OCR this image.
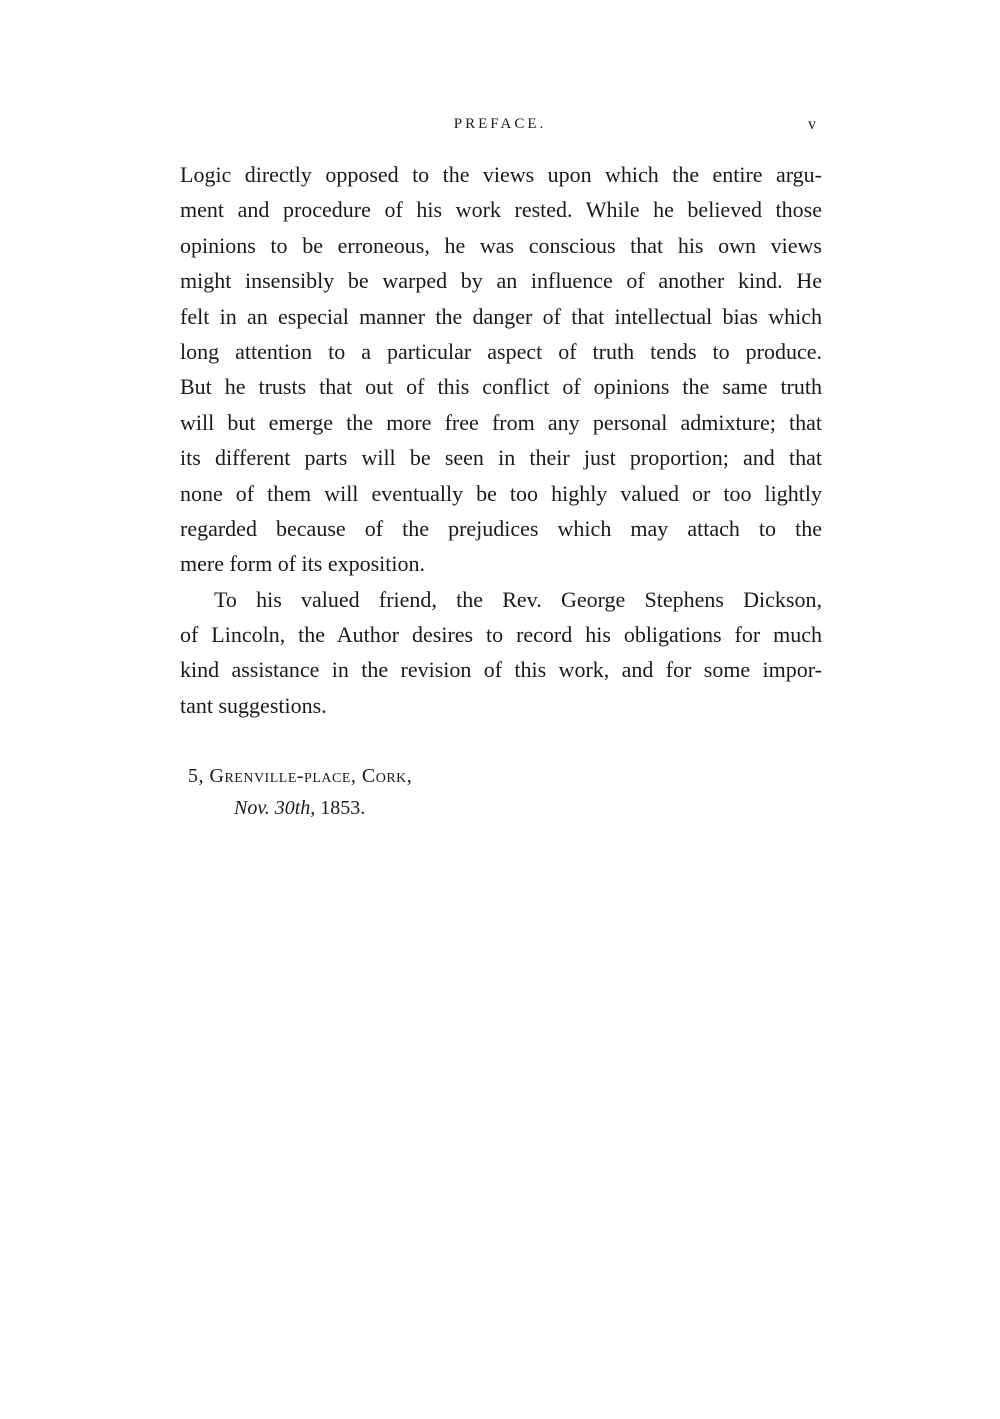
PREFACE.	v
Logic directly opposed to the views upon which the entire argu-
ment and procedure of his work rested. While he believed those
opinions to be erroneous, he was conscious that his own views
might insensibly be warped by an influence of another kind. He
felt in an especial manner the danger of that intellectual bias which
long attention to a particular aspect of truth tends to produce.
But he trusts that out of this conflict of opinions the same truth
will but emerge the more free from any personal admixture; that
its different parts will be seen in their just proportion; and that
none of them will eventually be too highly valued or too lightly
regarded because of the prejudices which may attach to the
mere form of its exposition.
To his valued friend, the Rev. George Stephens Dickson,
of Lincoln, the Author desires to record his obligations for much
kind assistance in the revision of this work, and for some impor-
tant suggestions.
5, Grenville-place, Cork,
Nov. 30th, 1853.
